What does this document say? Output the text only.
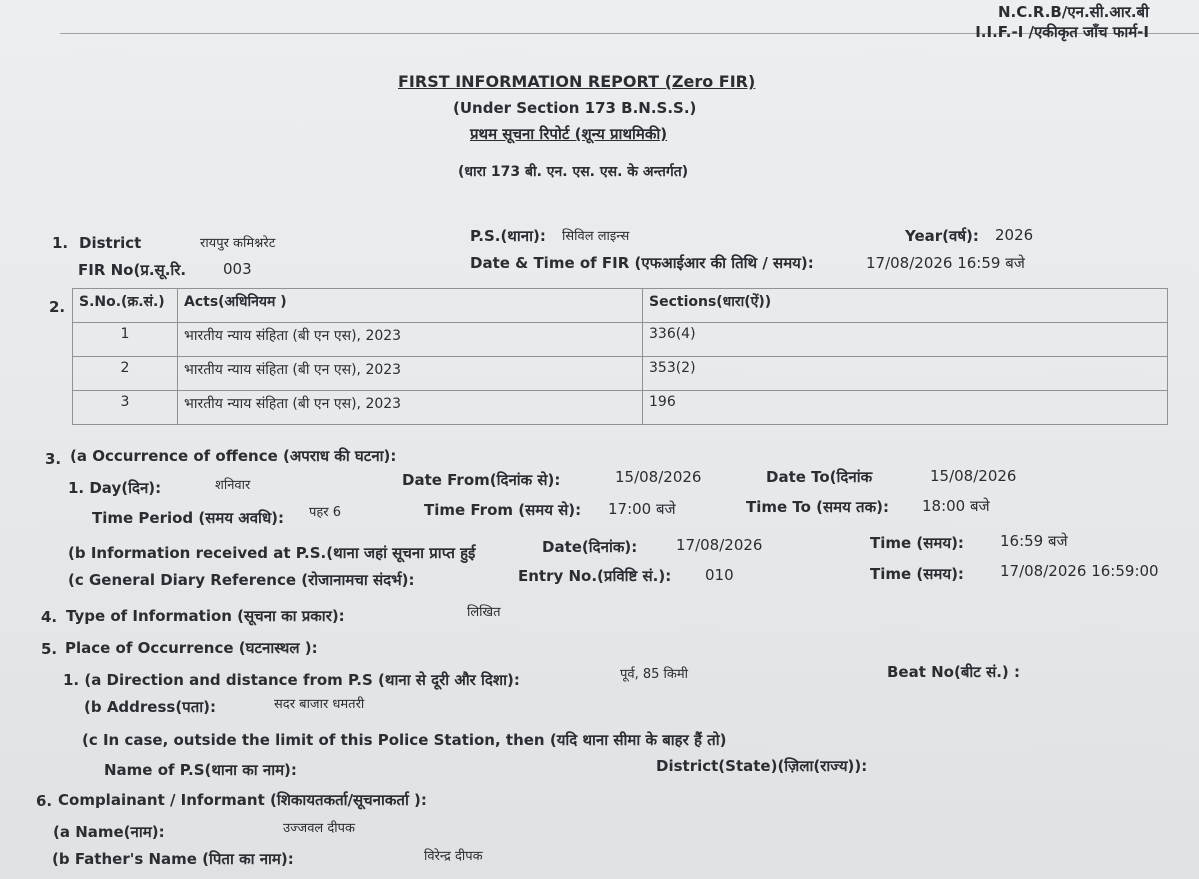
N.C.R.B/एन.सी.आर.बी
I.I.F.-I /एकीकृत जाँच फार्म-I
FIRST INFORMATION REPORT (Zero FIR)
(Under Section 173 B.N.S.S.)
प्रथम सूचना रिपोर्ट (शून्य प्राथमिकी)
(धारा 173 बी. एन. एस. एस. के अन्तर्गत)
1. District	रायपुर कमिश्नरेट	P.S.(थाना): सिविल लाइन्स	Year(वर्ष): 2026
FIR No(प्र.सू.रि. 003	Date & Time of FIR (एफआईआर की तिथि / समय):	17/08/2026 16:59 बजे
2. S.No.(क्र.सं.)	Acts(अधिनियम )	Sections(धारा(ऐं))
1	भारतीय न्याय संहिता (बी एन एस), 2023	336(4)
2	भारतीय न्याय संहिता (बी एन एस), 2023	353(2)
3	भारतीय न्याय संहिता (बी एन एस), 2023	196
3. (a Occurrence of offence (अपराध की घटना):
1. Day(दिन):	शनिवार	Date From(दिनांक से):	15/08/2026	Date To(दिनांक	15/08/2026
Time Period (समय अवधि): पहर 6	Time From (समय से): 17:00 बजे	Time To (समय तक): 18:00 बजे
(b Information received at P.S.(थाना जहां सूचना प्राप्त हुई	Date(दिनांक):	17/08/2026	Time (समय): 16:59 बजे
(c General Diary Reference (रोजानामचा संदर्भ):	Entry No.(प्रविष्टि सं.): 010	Time (समय): 17/08/2026 16:59:00
4. Type of Information (सूचना का प्रकार):	लिखित
5. Place of Occurrence (घटनास्थल ):
1. (a Direction and distance from P.S (थाना से दूरी और दिशा):	पूर्व, 85 किमी	Beat No(बीट सं.) :
(b Address(पता):	सदर बाजार धमतरी
(c In case, outside the limit of this Police Station, then (यदि थाना सीमा के बाहर हैं तो)
Name of P.S(थाना का नाम):	District(State)(ज़िला(राज्य)):
6. Complainant / Informant (शिकायतकर्ता/सूचनाकर्ता ):
(a Name(नाम):	उज्जवल दीपक
(b Father's Name (पिता का नाम):	विरेन्द्र दीपक
